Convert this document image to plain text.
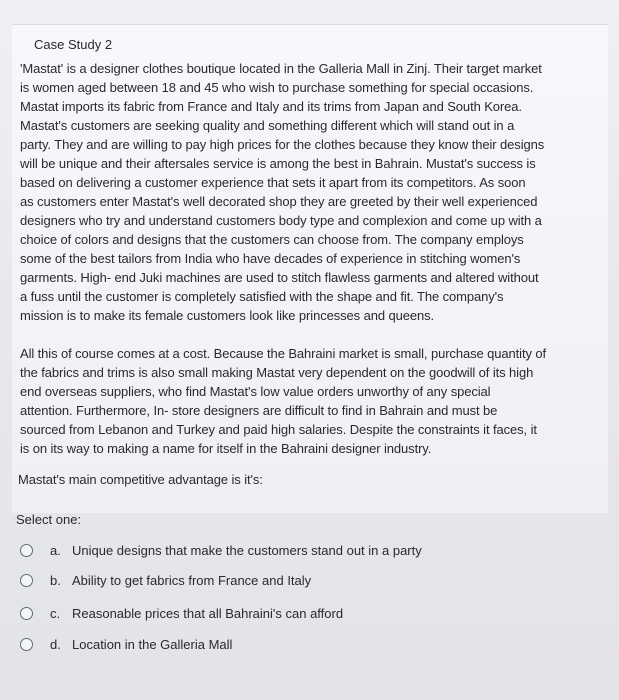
Case Study 2
'Mastat' is a designer clothes boutique located in the Galleria Mall in Zinj. Their target market
is women aged between 18 and 45 who wish to purchase something for special occasions.
Mastat imports its fabric from France and Italy and its trims from Japan and South Korea.
Mastat's customers are seeking quality and something different which will stand out in a
party. They and are willing to pay high prices for the clothes because they know their designs
will be unique and their aftersales service is among the best in Bahrain. Mustat's success is
based on delivering a customer experience that sets it apart from its competitors. As soon
as customers enter Mastat's well decorated shop they are greeted by their well experienced
designers who try and understand customers body type and complexion and come up with a
choice of colors and designs that the customers can choose from. The company employs
some of the best tailors from India who have decades of experience in stitching women's
garments. High- end Juki machines are used to stitch flawless garments and altered without
a fuss until the customer is completely satisfied with the shape and fit. The company's
mission is to make its female customers look like princesses and queens.
All this of course comes at a cost. Because the Bahraini market is small, purchase quantity of
the fabrics and trims is also small making Mastat very dependent on the goodwill of its high
end overseas suppliers, who find Mastat's low value orders unworthy of any special
attention. Furthermore, In- store designers are difficult to find in Bahrain and must be
sourced from Lebanon and Turkey and paid high salaries. Despite the constraints it faces, it
is on its way to making a name for itself in the Bahraini designer industry.
Mastat's main competitive advantage is it's:
Select one:
a. Unique designs that make the customers stand out in a party
b. Ability to get fabrics from France and Italy
c. Reasonable prices that all Bahraini's can afford
d. Location in the Galleria Mall
